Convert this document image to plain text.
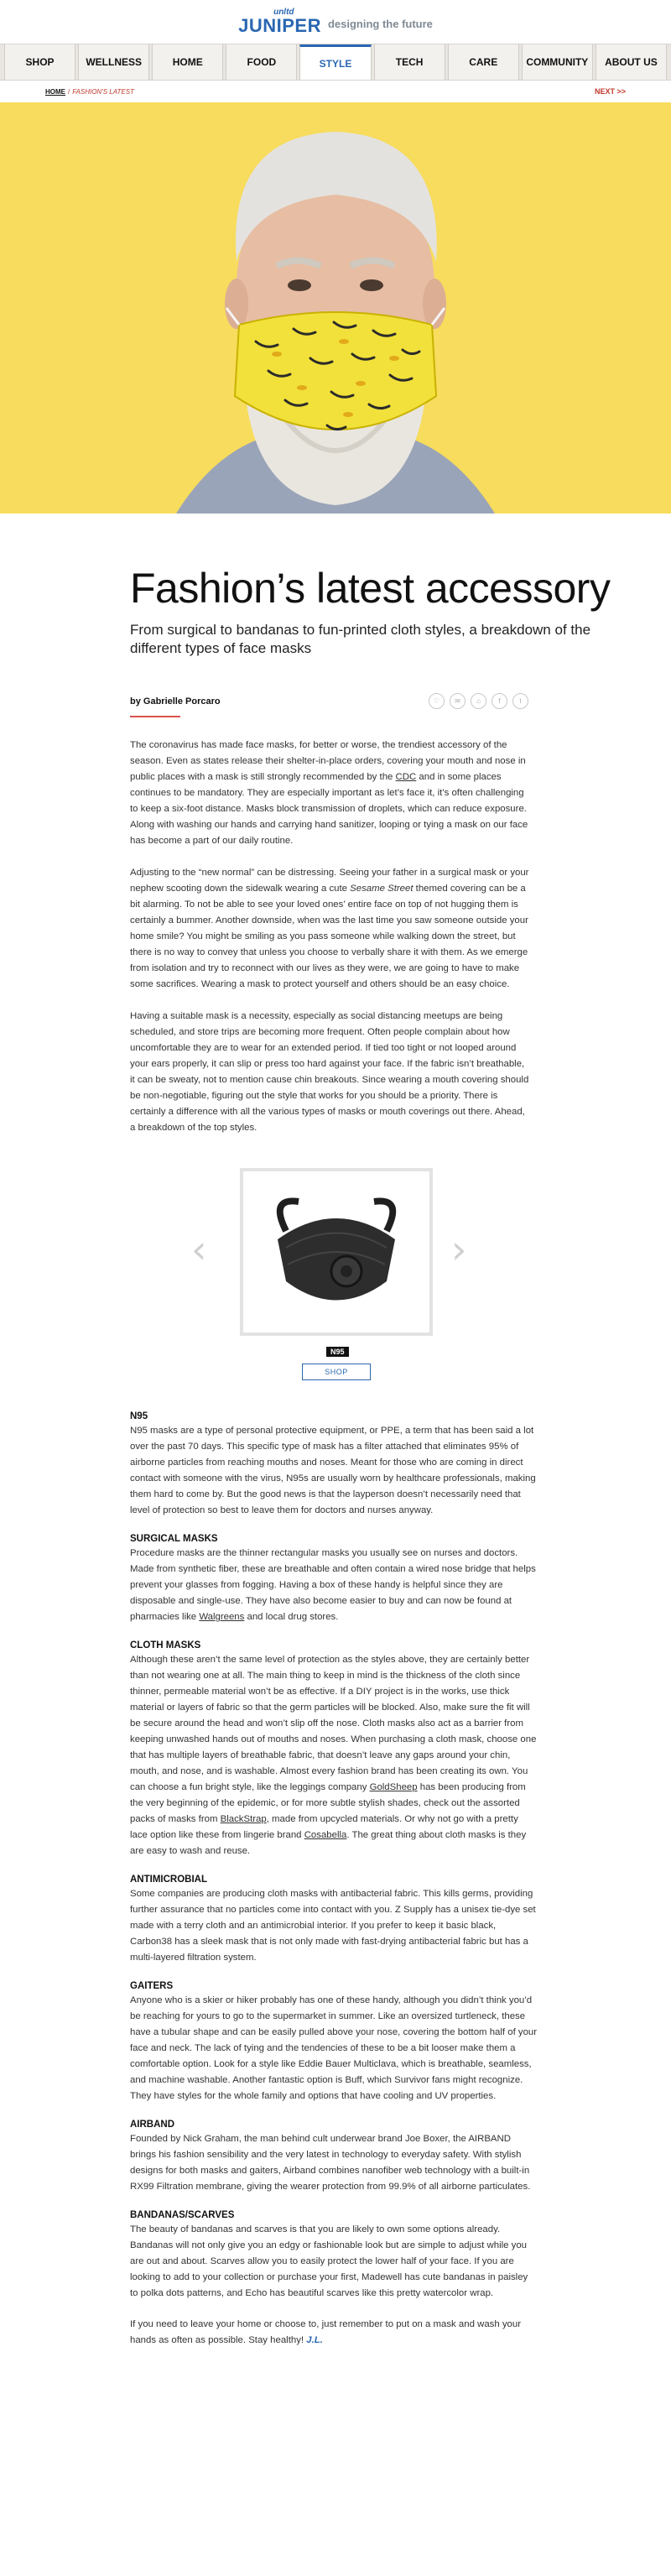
unltd
JUNIPER designing the future
SHOP	WELLNESS	HOME	FOOD	STYLE	TECH	CARE	COMMUNITY	ABOUT US
HOME / FASHION'S LATEST	NEXT >>
Fashion’s latest accessory

From surgical to bandanas to fun-printed cloth styles, a breakdown of the different types of face masks

by Gabrielle Porcaro	♡	✉	⌂	f	t

The coronavirus has made face masks, for better or worse, the trendiest accessory of the season. Even as states release their shelter-in-place orders, covering your mouth and nose in public places with a mask is still strongly recommended by the CDC and in some places continues to be mandatory. They are especially important as let’s face it, it’s often challenging to keep a six-foot distance. Masks block transmission of droplets, which can reduce exposure. Along with washing our hands and carrying hand sanitizer, looping or tying a mask on our face has become a part of our daily routine.

Adjusting to the “new normal” can be distressing. Seeing your father in a surgical mask or your nephew scooting down the sidewalk wearing a cute Sesame Street themed covering can be a bit alarming. To not be able to see your loved ones’ entire face on top of not hugging them is certainly a bummer. Another downside, when was the last time you saw someone outside your home smile? You might be smiling as you pass someone while walking down the street, but there is no way to convey that unless you choose to verbally share it with them. As we emerge from isolation and try to reconnect with our lives as they were, we are going to have to make some sacrifices. Wearing a mask to protect yourself and others should be an easy choice.

Having a suitable mask is a necessity, especially as social distancing meetups are being scheduled, and store trips are becoming more frequent. Often people complain about how uncomfortable they are to wear for an extended period. If tied too tight or not looped around your ears properly, it can slip or press too hard against your face. If the fabric isn’t breathable, it can be sweaty, not to mention cause chin breakouts. Since wearing a mouth covering should be non-negotiable, figuring out the style that works for you should be a priority. There is certainly a difference with all the various types of masks or mouth coverings out there. Ahead, a breakdown of the top styles.

‹	›
N95
SHOP
N95

N95 masks are a type of personal protective equipment, or PPE, a term that has been said a lot over the past 70 days. This specific type of mask has a filter attached that eliminates 95% of airborne particles from reaching mouths and noses. Meant for those who are coming in direct contact with someone with the virus, N95s are usually worn by healthcare professionals, making them hard to come by. But the good news is that the layperson doesn’t necessarily need that level of protection so best to leave them for doctors and nurses anyway.

SURGICAL MASKS

Procedure masks are the thinner rectangular masks you usually see on nurses and doctors. Made from synthetic fiber, these are breathable and often contain a wired nose bridge that helps prevent your glasses from fogging. Having a box of these handy is helpful since they are disposable and single-use. They have also become easier to buy and can now be found at pharmacies like Walgreens and local drug stores.

CLOTH MASKS

Although these aren’t the same level of protection as the styles above, they are certainly better than not wearing one at all. The main thing to keep in mind is the thickness of the cloth since thinner, permeable material won’t be as effective. If a DIY project is in the works, use thick material or layers of fabric so that the germ particles will be blocked. Also, make sure the fit will be secure around the head and won’t slip off the nose. Cloth masks also act as a barrier from keeping unwashed hands out of mouths and noses. When purchasing a cloth mask, choose one that has multiple layers of breathable fabric, that doesn’t leave any gaps around your chin, mouth, and nose, and is washable. Almost every fashion brand has been creating its own. You can choose a fun bright style, like the leggings company GoldSheep has been producing from the very beginning of the epidemic, or for more subtle stylish shades, check out the assorted packs of masks from BlackStrap, made from upcycled materials. Or why not go with a pretty lace option like these from lingerie brand Cosabella. The great thing about cloth masks is they are easy to wash and reuse.

ANTIMICROBIAL

Some companies are producing cloth masks with antibacterial fabric. This kills germs, providing further assurance that no particles come into contact with you. Z Supply has a unisex tie-dye set made with a terry cloth and an antimicrobial interior. If you prefer to keep it basic black, Carbon38 has a sleek mask that is not only made with fast-drying antibacterial fabric but has a multi-layered filtration system.

GAITERS

Anyone who is a skier or hiker probably has one of these handy, although you didn’t think you’d be reaching for yours to go to the supermarket in summer. Like an oversized turtleneck, these have a tubular shape and can be easily pulled above your nose, covering the bottom half of your face and neck. The lack of tying and the tendencies of these to be a bit looser make them a comfortable option. Look for a style like Eddie Bauer Multiclava, which is breathable, seamless, and machine washable. Another fantastic option is Buff, which Survivor fans might recognize. They have styles for the whole family and options that have cooling and UV properties.

AIRBAND

Founded by Nick Graham, the man behind cult underwear brand Joe Boxer, the AIRBAND brings his fashion sensibility and the very latest in technology to everyday safety. With stylish designs for both masks and gaiters, Airband combines nanofiber web technology with a built-in RX99 Filtration membrane, giving the wearer protection from 99.9% of all airborne particulates.

BANDANAS/SCARVES

The beauty of bandanas and scarves is that you are likely to own some options already. Bandanas will not only give you an edgy or fashionable look but are simple to adjust while you are out and about. Scarves allow you to easily protect the lower half of your face. If you are looking to add to your collection or purchase your first, Madewell has cute bandanas in paisley to polka dots patterns, and Echo has beautiful scarves like this pretty watercolor wrap.

If you need to leave your home or choose to, just remember to put on a mask and wash your hands as often as possible. Stay healthy! J.L.
